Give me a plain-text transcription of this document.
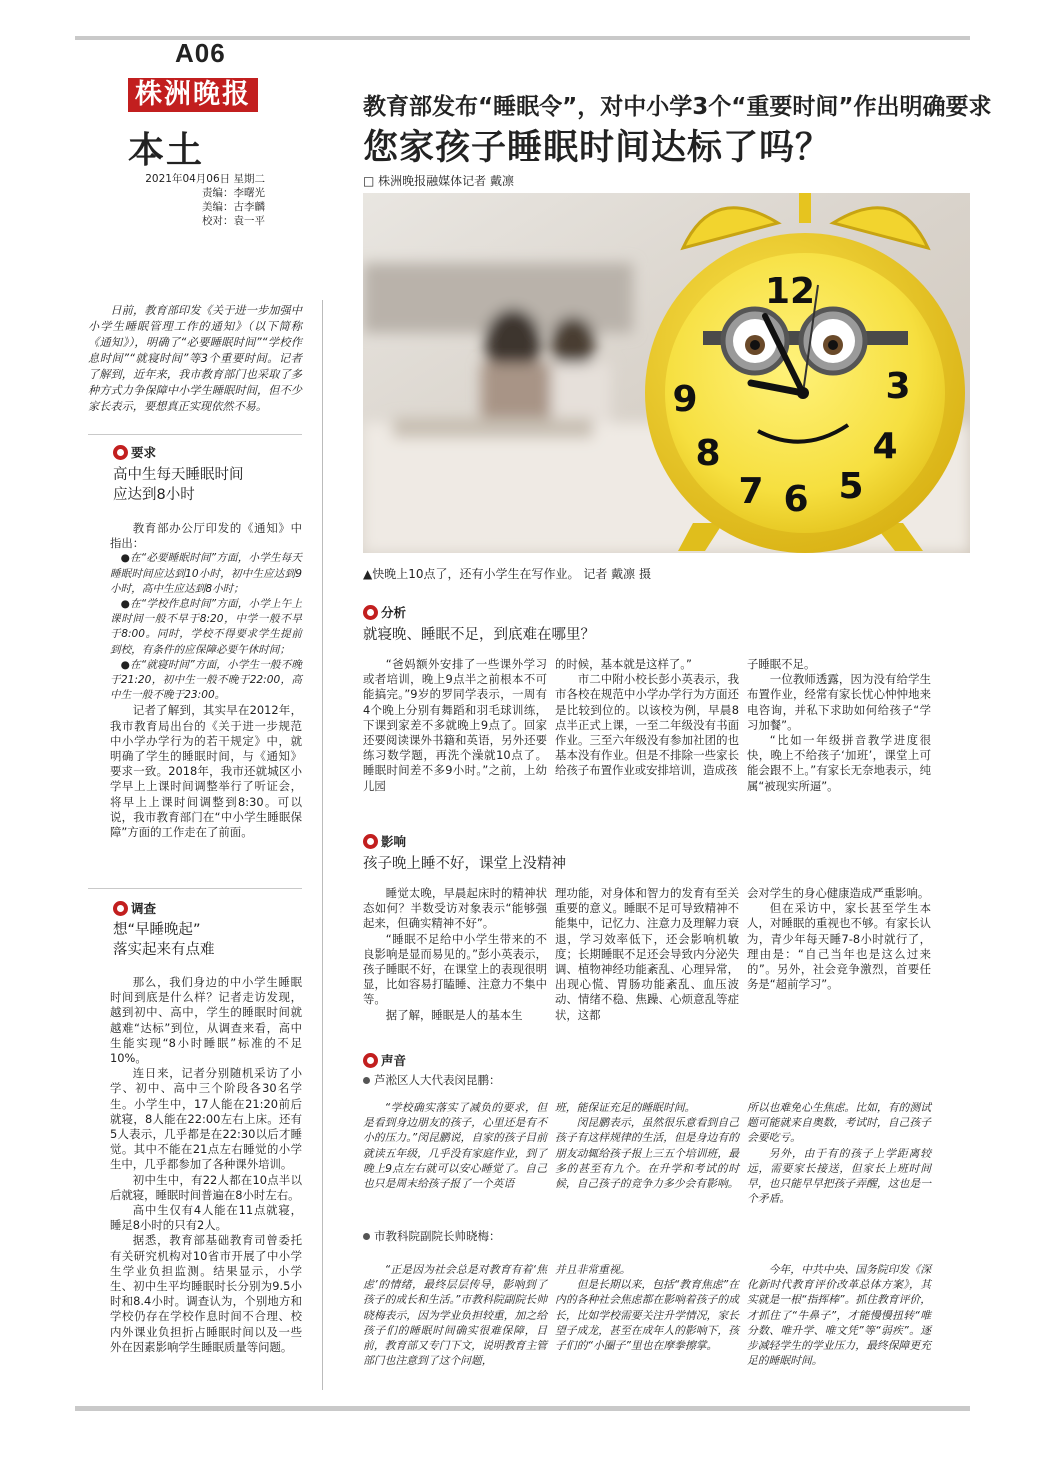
A06
株洲晚报
本土
2021年04月06日 星期二
责编：李曙光
美编：古李麟
校对：袁一平
教育部发布“睡眠令”，对中小学3个“重要时间”作出明确要求
您家孩子睡眠时间达标了吗？
□ 株洲晚报融媒体记者 戴凛
12
3
4
5
6
7
8
9
▲快晚上10点了，还有小学生在写作业。 记者 戴凛 摄
日前，教育部印发《关于进一步加强中小学生睡眠管理工作的通知》（以下简称《通知》），明确了“必要睡眠时间”“学校作息时间”“就寝时间”等3个重要时间。记者了解到，近年来，我市教育部门也采取了多种方式力争保障中小学生睡眠时间，但不少家长表示，要想真正实现依然不易。
要求
高中生每天睡眠时间
应达到8小时
教育部办公厅印发的《通知》中指出：
●在“必要睡眠时间”方面，小学生每天睡眠时间应达到10小时，初中生应达到9小时，高中生应达到8小时；
●在“学校作息时间”方面，小学上午上课时间一般不早于8:20，中学一般不早于8:00。同时，学校不得要求学生提前到校，有条件的应保障必要午休时间；
●在“就寝时间”方面，小学生一般不晚于21:20，初中生一般不晚于22:00，高中生一般不晚于23:00。
记者了解到，其实早在2012年，我市教育局出台的《关于进一步规范中小学办学行为的若干规定》中，就明确了学生的睡眠时间，与《通知》要求一致。2018年，我市还就城区小学早上上课时间调整举行了听证会，将早上上课时间调整到8:30。可以说，我市教育部门在“中小学生睡眠保障”方面的工作走在了前面。
调查
想“早睡晚起”
落实起来有点难
那么，我们身边的中小学生睡眠时间到底是什么样？记者走访发现，越到初中、高中，学生的睡眠时间就越难“达标”到位，从调查来看，高中生能实现“8小时睡眠”标准的不足10%。
连日来，记者分别随机采访了小学、初中、高中三个阶段各30名学生。小学生中，17人能在21:20前后就寝，8人能在22:00左右上床。还有5人表示，几乎都是在22:30以后才睡觉。其中不能在21点左右睡觉的小学生中，几乎都参加了各种课外培训。
初中生中，有22人都在10点半以后就寝，睡眠时间普遍在8小时左右。
高中生仅有4人能在11点就寝，睡足8小时的只有2人。
据悉，教育部基础教育司曾委托有关研究机构对10省市开展了中小学生学业负担监测。结果显示，小学生、初中生平均睡眠时长分别为9.5小时和8.4小时。调查认为，个别地方和学校仍存在学校作息时间不合理、校内外课业负担折占睡眠时间以及一些外在因素影响学生睡眠质量等问题。
分析
就寝晚、睡眠不足，到底难在哪里？
“爸妈额外安排了一些课外学习或者培训，晚上9点半之前根本不可能搞完。”9岁的罗同学表示，一周有4个晚上分别有舞蹈和羽毛球训练，下课到家差不多就晚上9点了。回家还要阅读课外书籍和英语，另外还要练习数学题，再洗个澡就10点了。睡眠时间差不多9小时。”之前，上幼儿园
的时候，基本就是这样了。”
市二中附小校长彭小英表示，我市各校在规范中小学办学行为方面还是比较到位的。以该校为例，早晨8点半正式上课，一至二年级没有书面作业。三至六年级没有参加社团的也基本没有作业。但是不排除一些家长给孩子布置作业或安排培训，造成孩
子睡眠不足。
一位教师透露，因为没有给学生布置作业，经常有家长忧心忡忡地来电咨询，并私下求助如何给孩子“学习加餐”。
“比如一年级拼音教学进度很快，晚上不给孩子‘加班’，课堂上可能会跟不上。”有家长无奈地表示，纯属“被现实所逼”。
影响
孩子晚上睡不好，课堂上没精神
睡觉太晚，早晨起床时的精神状态如何？半数受访对象表示“能够强起来，但确实精神不好”。
“睡眠不足给中小学生带来的不良影响是显而易见的。”彭小英表示，孩子睡眠不好，在课堂上的表现很明显，比如容易打瞌睡、注意力不集中等。
据了解，睡眠是人的基本生
理功能，对身体和智力的发育有至关重要的意义。睡眠不足可导致精神不能集中，记忆力、注意力及理解力衰退，学习效率低下，还会影响机敏度；长期睡眠不足还会导致内分泌失调、植物神经功能紊乱、心理异常，出现心慌、胃肠功能紊乱、血压波动、情绪不稳、焦躁、心烦意乱等症状，这都
会对学生的身心健康造成严重影响。
但在采访中，家长甚至学生本人，对睡眠的重视也不够。有家长认为，青少年每天睡7-8小时就行了，理由是：“自己当年也是这么过来的”。另外，社会竞争激烈，首要任务是“超前学习”。
声音
芦淞区人大代表闵昆鹏：
“学校确实落实了减负的要求，但是看到身边朋友的孩子，心里还是有不小的压力。”闵昆鹏说，自家的孩子目前就读五年级，几乎没有家庭作业，到了晚上9点左右就可以安心睡觉了。自己也只是周末给孩子报了一个英语
班，能保证充足的睡眠时间。
闵昆鹏表示，虽然很乐意看到自己孩子有这样规律的生活，但是身边有的朋友动辄给孩子报上三五个培训班，最多的甚至有九个。在升学和考试的时候，自己孩子的竞争力多少会有影响。
所以也难免心生焦虑。比如，有的测试题可能就来自奥数，考试时，自己孩子会要吃亏。
另外，由于有的孩子上学距离较远，需要家长接送，但家长上班时间早，也只能早早把孩子弄醒，这也是一个矛盾。
市教科院副院长帅晓梅：
“正是因为社会总是对教育有着‘焦虑’的情绪，最终层层传导，影响到了孩子的成长和生活。”市教科院副院长帅晓梅表示，因为学业负担较重，加之给孩子们的睡眠时间确实很难保障，目前，教育部又专门下文，说明教育主管部门也注意到了这个问题，
并且非常重视。
但是长期以来，包括“教育焦虑”在内的各种社会焦虑都在影响着孩子的成长，比如学校需要关注升学情况，家长望子成龙，甚至在成年人的影响下，孩子们的“小圈子”里也在摩拳擦掌。
今年，中共中央、国务院印发《深化新时代教育评价改革总体方案》，其实就是一根“指挥棒”。抓住教育评价，才抓住了“牛鼻子”，才能慢慢扭转“唯分数、唯升学、唯文凭”等“弱疾”。逐步减轻学生的学业压力，最终保障更充足的睡眠时间。
